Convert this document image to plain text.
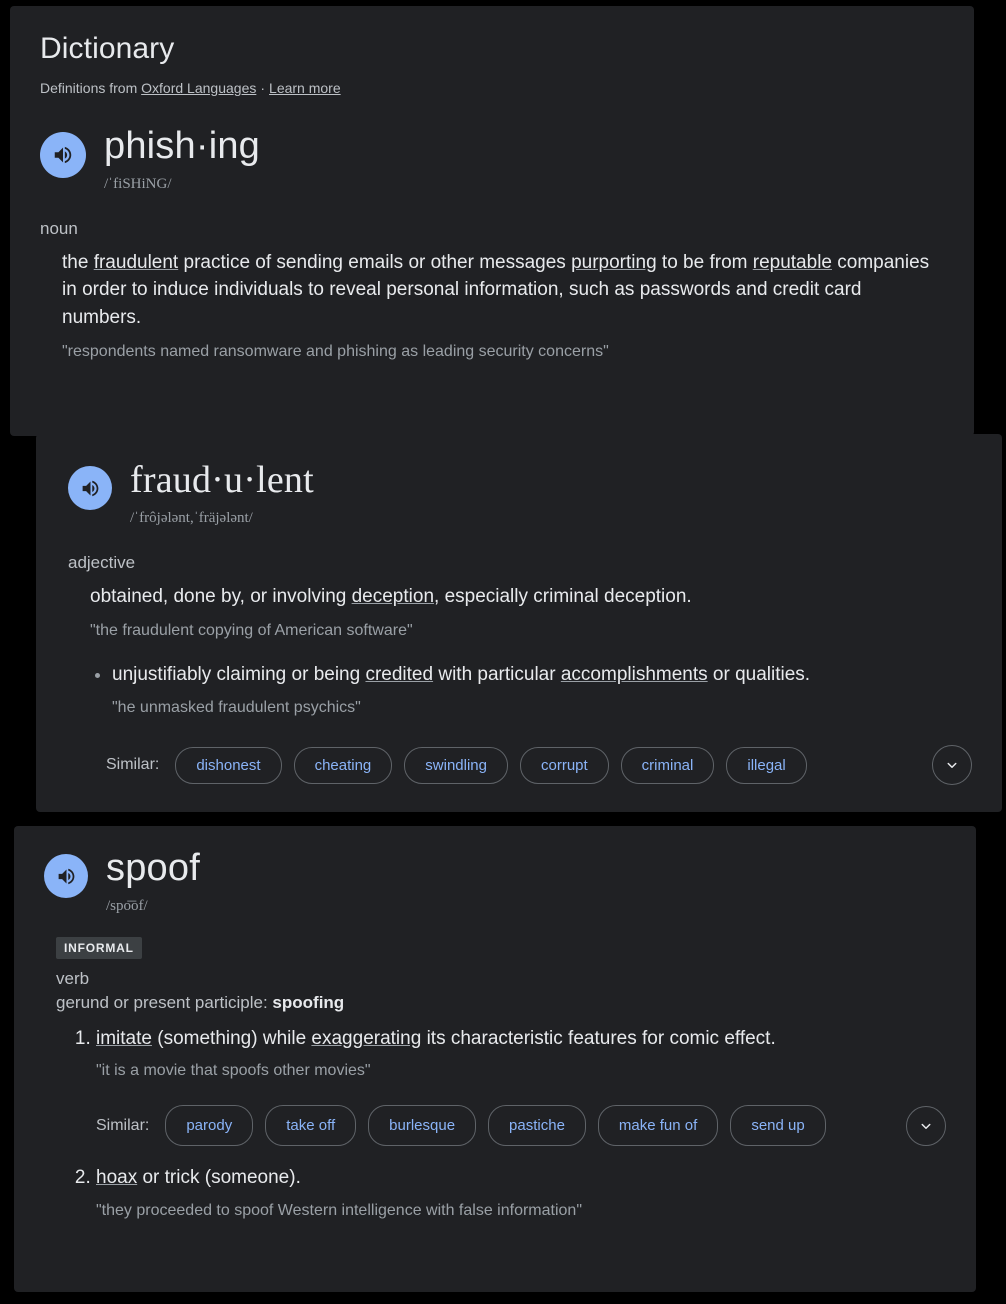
Dictionary
Definitions from Oxford Languages · Learn more
phish·ing
/ˈfiSHiNG/
noun
the fraudulent practice of sending emails or other messages purporting to be from reputable companies in order to induce individuals to reveal personal information, such as passwords and credit card numbers.
"respondents named ransomware and phishing as leading security concerns"
fraud·u·lent
/ˈfrôjələnt,ˈfräjələnt/
adjective
obtained, done by, or involving deception, especially criminal deception.
"the fraudulent copying of American software"
• unjustifiably claiming or being credited with particular accomplishments or qualities.
"he unmasked fraudulent psychics"
Similar:	dishonest	cheating	swindling	corrupt	criminal	illegal
spoof
/spo͞of/
INFORMAL
verb
gerund or present participle: spoofing
1. imitate (something) while exaggerating its characteristic features for comic effect.
"it is a movie that spoofs other movies"
Similar:	parody	take off	burlesque	pastiche	make fun of	send up
2. hoax or trick (someone).
"they proceeded to spoof Western intelligence with false information"
